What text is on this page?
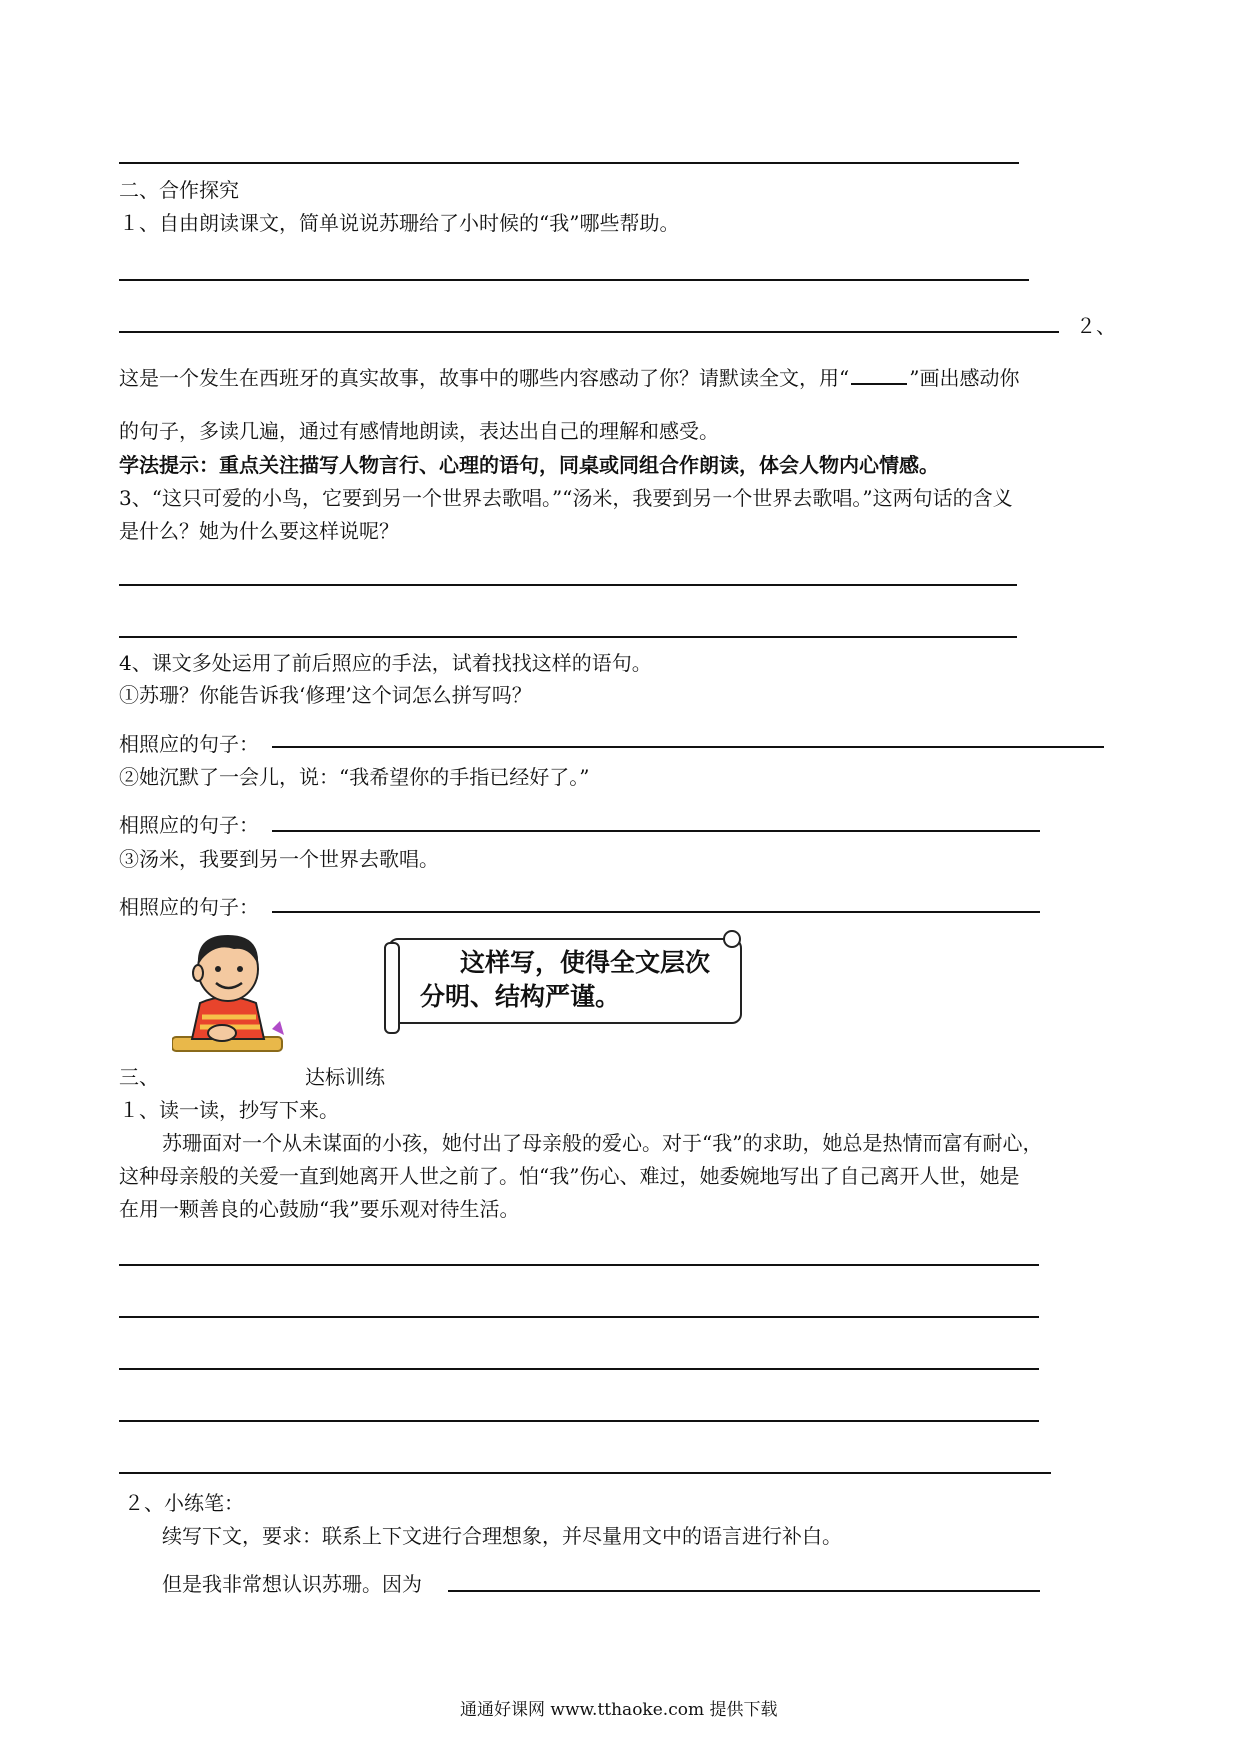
二、合作探究
１、自由朗读课文，简单说说苏珊给了小时候的“我”哪些帮助。
２、
这是一个发生在西班牙的真实故事，故事中的哪些内容感动了你？请默读全文，用“	”画出感动你
的句子，多读几遍，通过有感情地朗读，表达出自己的理解和感受。
学法提示：重点关注描写人物言行、心理的语句，同桌或同组合作朗读，体会人物内心情感。
3、“这只可爱的小鸟，它要到另一个世界去歌唱。”“汤米，我要到另一个世界去歌唱。”这两句话的含义
是什么？她为什么要这样说呢？
4、课文多处运用了前后照应的手法，试着找找这样的语句。
①苏珊？你能告诉我‘修理’这个词怎么拼写吗？
相照应的句子：
②她沉默了一会儿，说：“我希望你的手指已经好了。”
相照应的句子：
③汤米，我要到另一个世界去歌唱。
相照应的句子：
这样写，使得全文层次
分明、结构严谨。
三、	达标训练
１、读一读，抄写下来。
苏珊面对一个从未谋面的小孩，她付出了母亲般的爱心。对于“我”的求助，她总是热情而富有耐心，
这种母亲般的关爱一直到她离开人世之前了。怕“我”伤心、难过，她委婉地写出了自己离开人世，她是
在用一颗善良的心鼓励“我”要乐观对待生活。
２、小练笔：
续写下文，要求：联系上下文进行合理想象，并尽量用文中的语言进行补白。
但是我非常想认识苏珊。因为
通通好课网 www.tthaoke.com 提供下载
